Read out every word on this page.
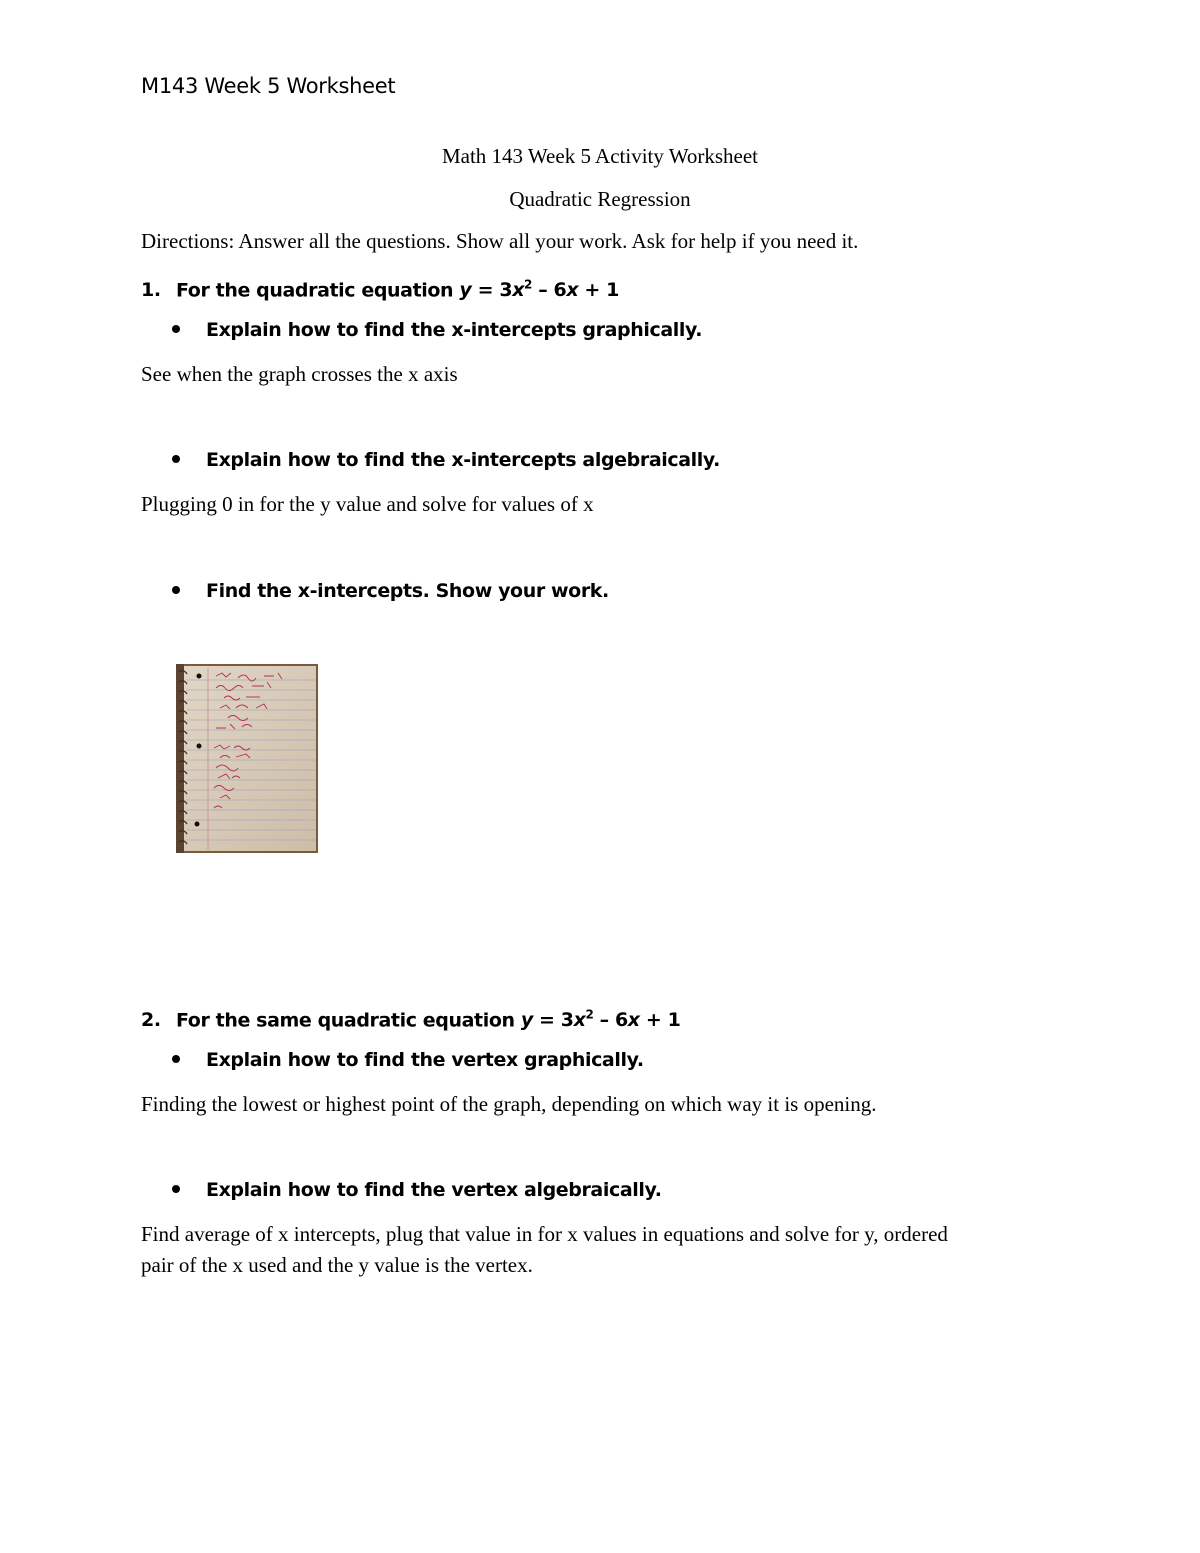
M143 Week 5 Worksheet
Math 143 Week 5 Activity Worksheet
Quadratic Regression
Directions: Answer all the questions. Show all your work. Ask for help if you need it.
1. For the quadratic equation $y = 3x^2 - 6x + 1$
Explain how to find the x-intercepts graphically.
See when the graph crosses the x axis
Explain how to find the x-intercepts algebraically.
Plugging 0 in for the y value and solve for values of x
Find the x-intercepts. Show your work.
2. For the same quadratic equation $y = 3x^2 - 6x + 1$
Explain how to find the vertex graphically.
Finding the lowest or highest point of the graph, depending on which way it is opening.
Explain how to find the vertex algebraically.
Find average of x intercepts, plug that value in for x values in equations and solve for y, ordered
pair of the x used and the y value is the vertex.
